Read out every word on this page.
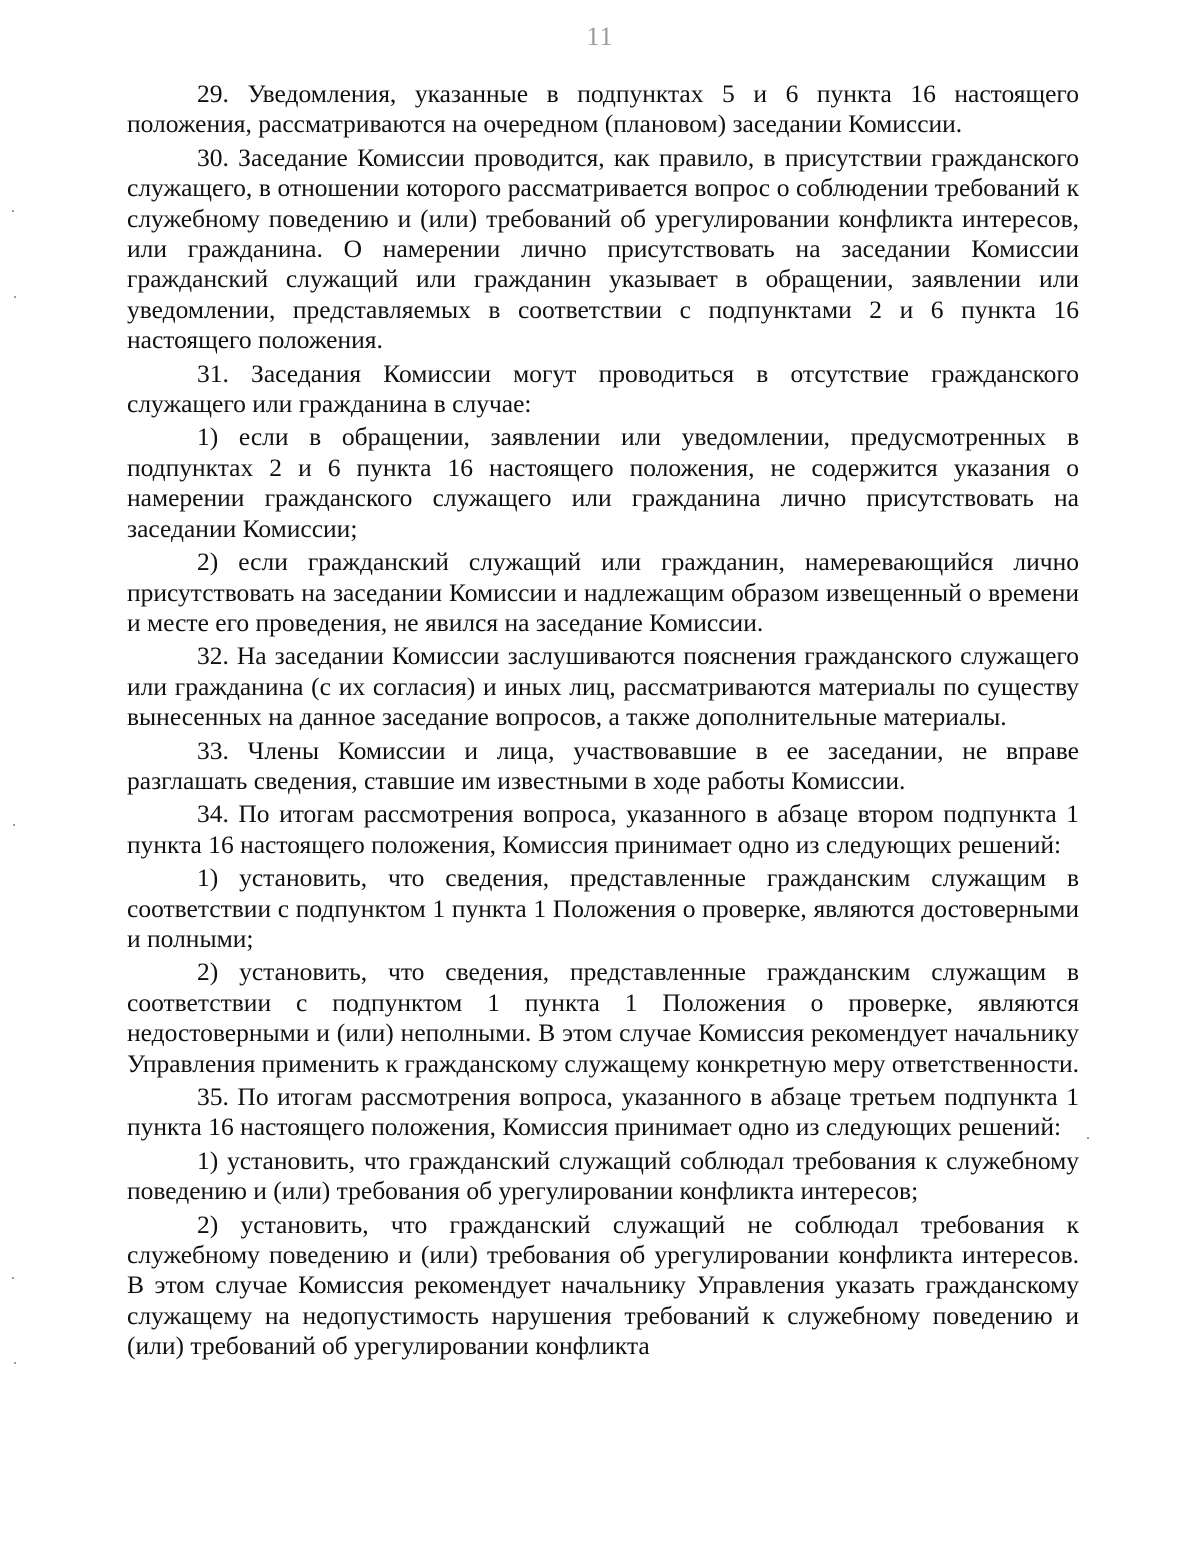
11

29. Уведомления, указанные в подпунктах 5 и 6 пункта 16 настоящего положения, рассматриваются на очередном (плановом) заседании Комиссии.

30. Заседание Комиссии проводится, как правило, в присутствии гражданского служащего, в отношении которого рассматривается вопрос о соблюдении требований к служебному поведению и (или) требований об урегулировании конфликта интересов, или гражданина. О намерении лично присутствовать на заседании Комиссии гражданский служащий или гражданин указывает в обращении, заявлении или уведомлении, представляемых в соответствии с подпунктами 2 и 6 пункта 16 настоящего положения.

31. Заседания Комиссии могут проводиться в отсутствие гражданского служащего или гражданина в случае:

1) если в обращении, заявлении или уведомлении, предусмотренных в подпунктах 2 и 6 пункта 16 настоящего положения, не содержится указания о намерении гражданского служащего или гражданина лично присутствовать на заседании Комиссии;

2) если гражданский служащий или гражданин, намеревающийся лично присутствовать на заседании Комиссии и надлежащим образом извещенный о времени и месте его проведения, не явился на заседание Комиссии.

32. На заседании Комиссии заслушиваются пояснения гражданского служащего или гражданина (с их согласия) и иных лиц, рассматриваются материалы по существу вынесенных на данное заседание вопросов, а также дополнительные материалы.

33. Члены Комиссии и лица, участвовавшие в ее заседании, не вправе разглашать сведения, ставшие им известными в ходе работы Комиссии.

34. По итогам рассмотрения вопроса, указанного в абзаце втором подпункта 1 пункта 16 настоящего положения, Комиссия принимает одно из следующих решений:

1) установить, что сведения, представленные гражданским служащим в соответствии с подпунктом 1 пункта 1 Положения о проверке, являются достоверными и полными;

2) установить, что сведения, представленные гражданским служащим в соответствии с подпунктом 1 пункта 1 Положения о проверке, являются недостоверными и (или) неполными. В этом случае Комиссия рекомендует начальнику Управления применить к гражданскому служащему конкретную меру ответственности.

35. По итогам рассмотрения вопроса, указанного в абзаце третьем подпункта 1 пункта 16 настоящего положения, Комиссия принимает одно из следующих решений:

1) установить, что гражданский служащий соблюдал требования к служебному поведению и (или) требования об урегулировании конфликта интересов;

2) установить, что гражданский служащий не соблюдал требования к служебному поведению и (или) требования об урегулировании конфликта интересов. В этом случае Комиссия рекомендует начальнику Управления указать гражданскому служащему на недопустимость нарушения требований к служебному поведению и (или) требований об урегулировании конфликта
